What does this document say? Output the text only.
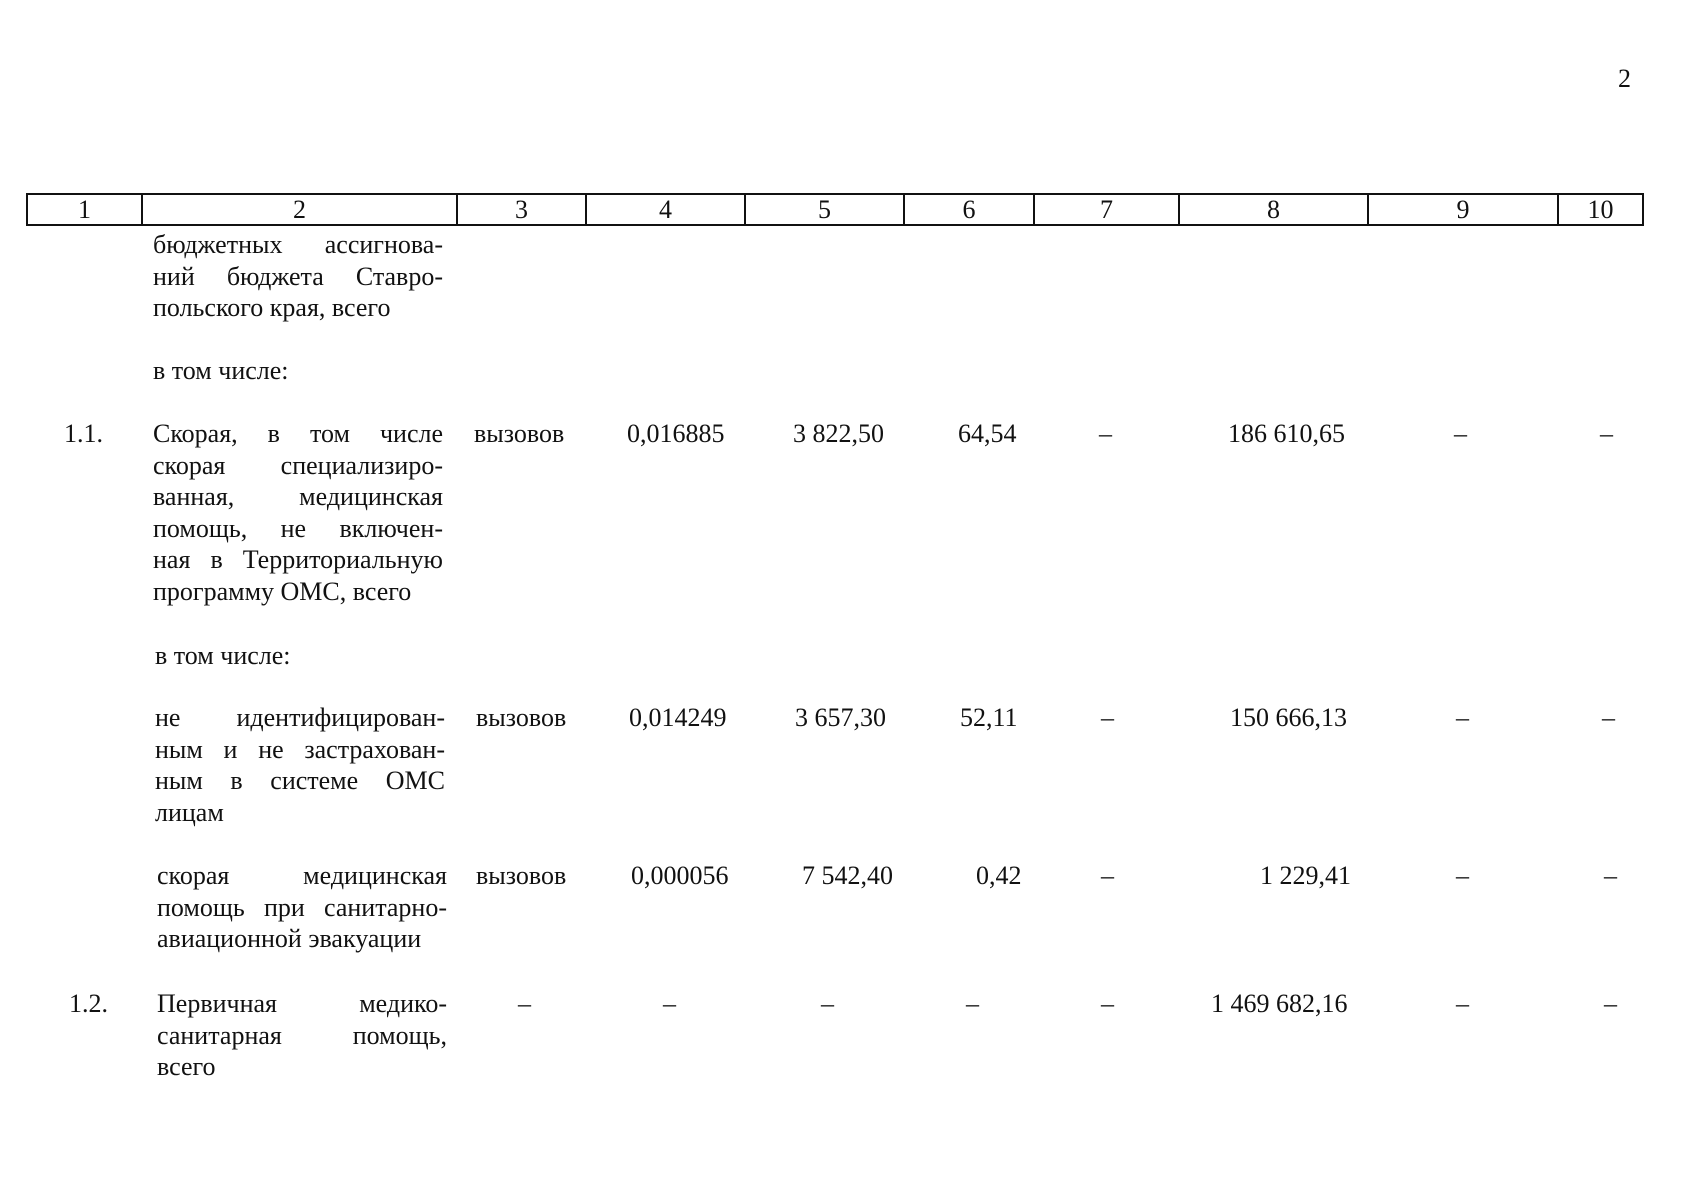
2
1	2	3	4	5	6	7	8	9	10
бюджетных ассигнова-
ний бюджета Ставро-
польского края, всего
в том числе:
1.1. Скорая, в том числе
скорая специализиро-
ванная, медицинская
помощь, не включен-
ная в Территориальную
программу ОМС, всего
вызовов 0,016885	3 822,50	64,54	–	186 610,65	–	–
в том числе:
не идентифицирован-
ным и не застрахован-
ным в системе ОМС
лицам
вызовов 0,014249	3 657,30	52,11	–	150 666,13	–	–
скорая медицинская
помощь при санитарно-
авиационной эвакуации
вызовов 0,000056	7 542,40	0,42	–	1 229,41	–	–
1.2. Первичная медико-
санитарная помощь,
всего
–	–	–	–	–	1 469 682,16	–	–
